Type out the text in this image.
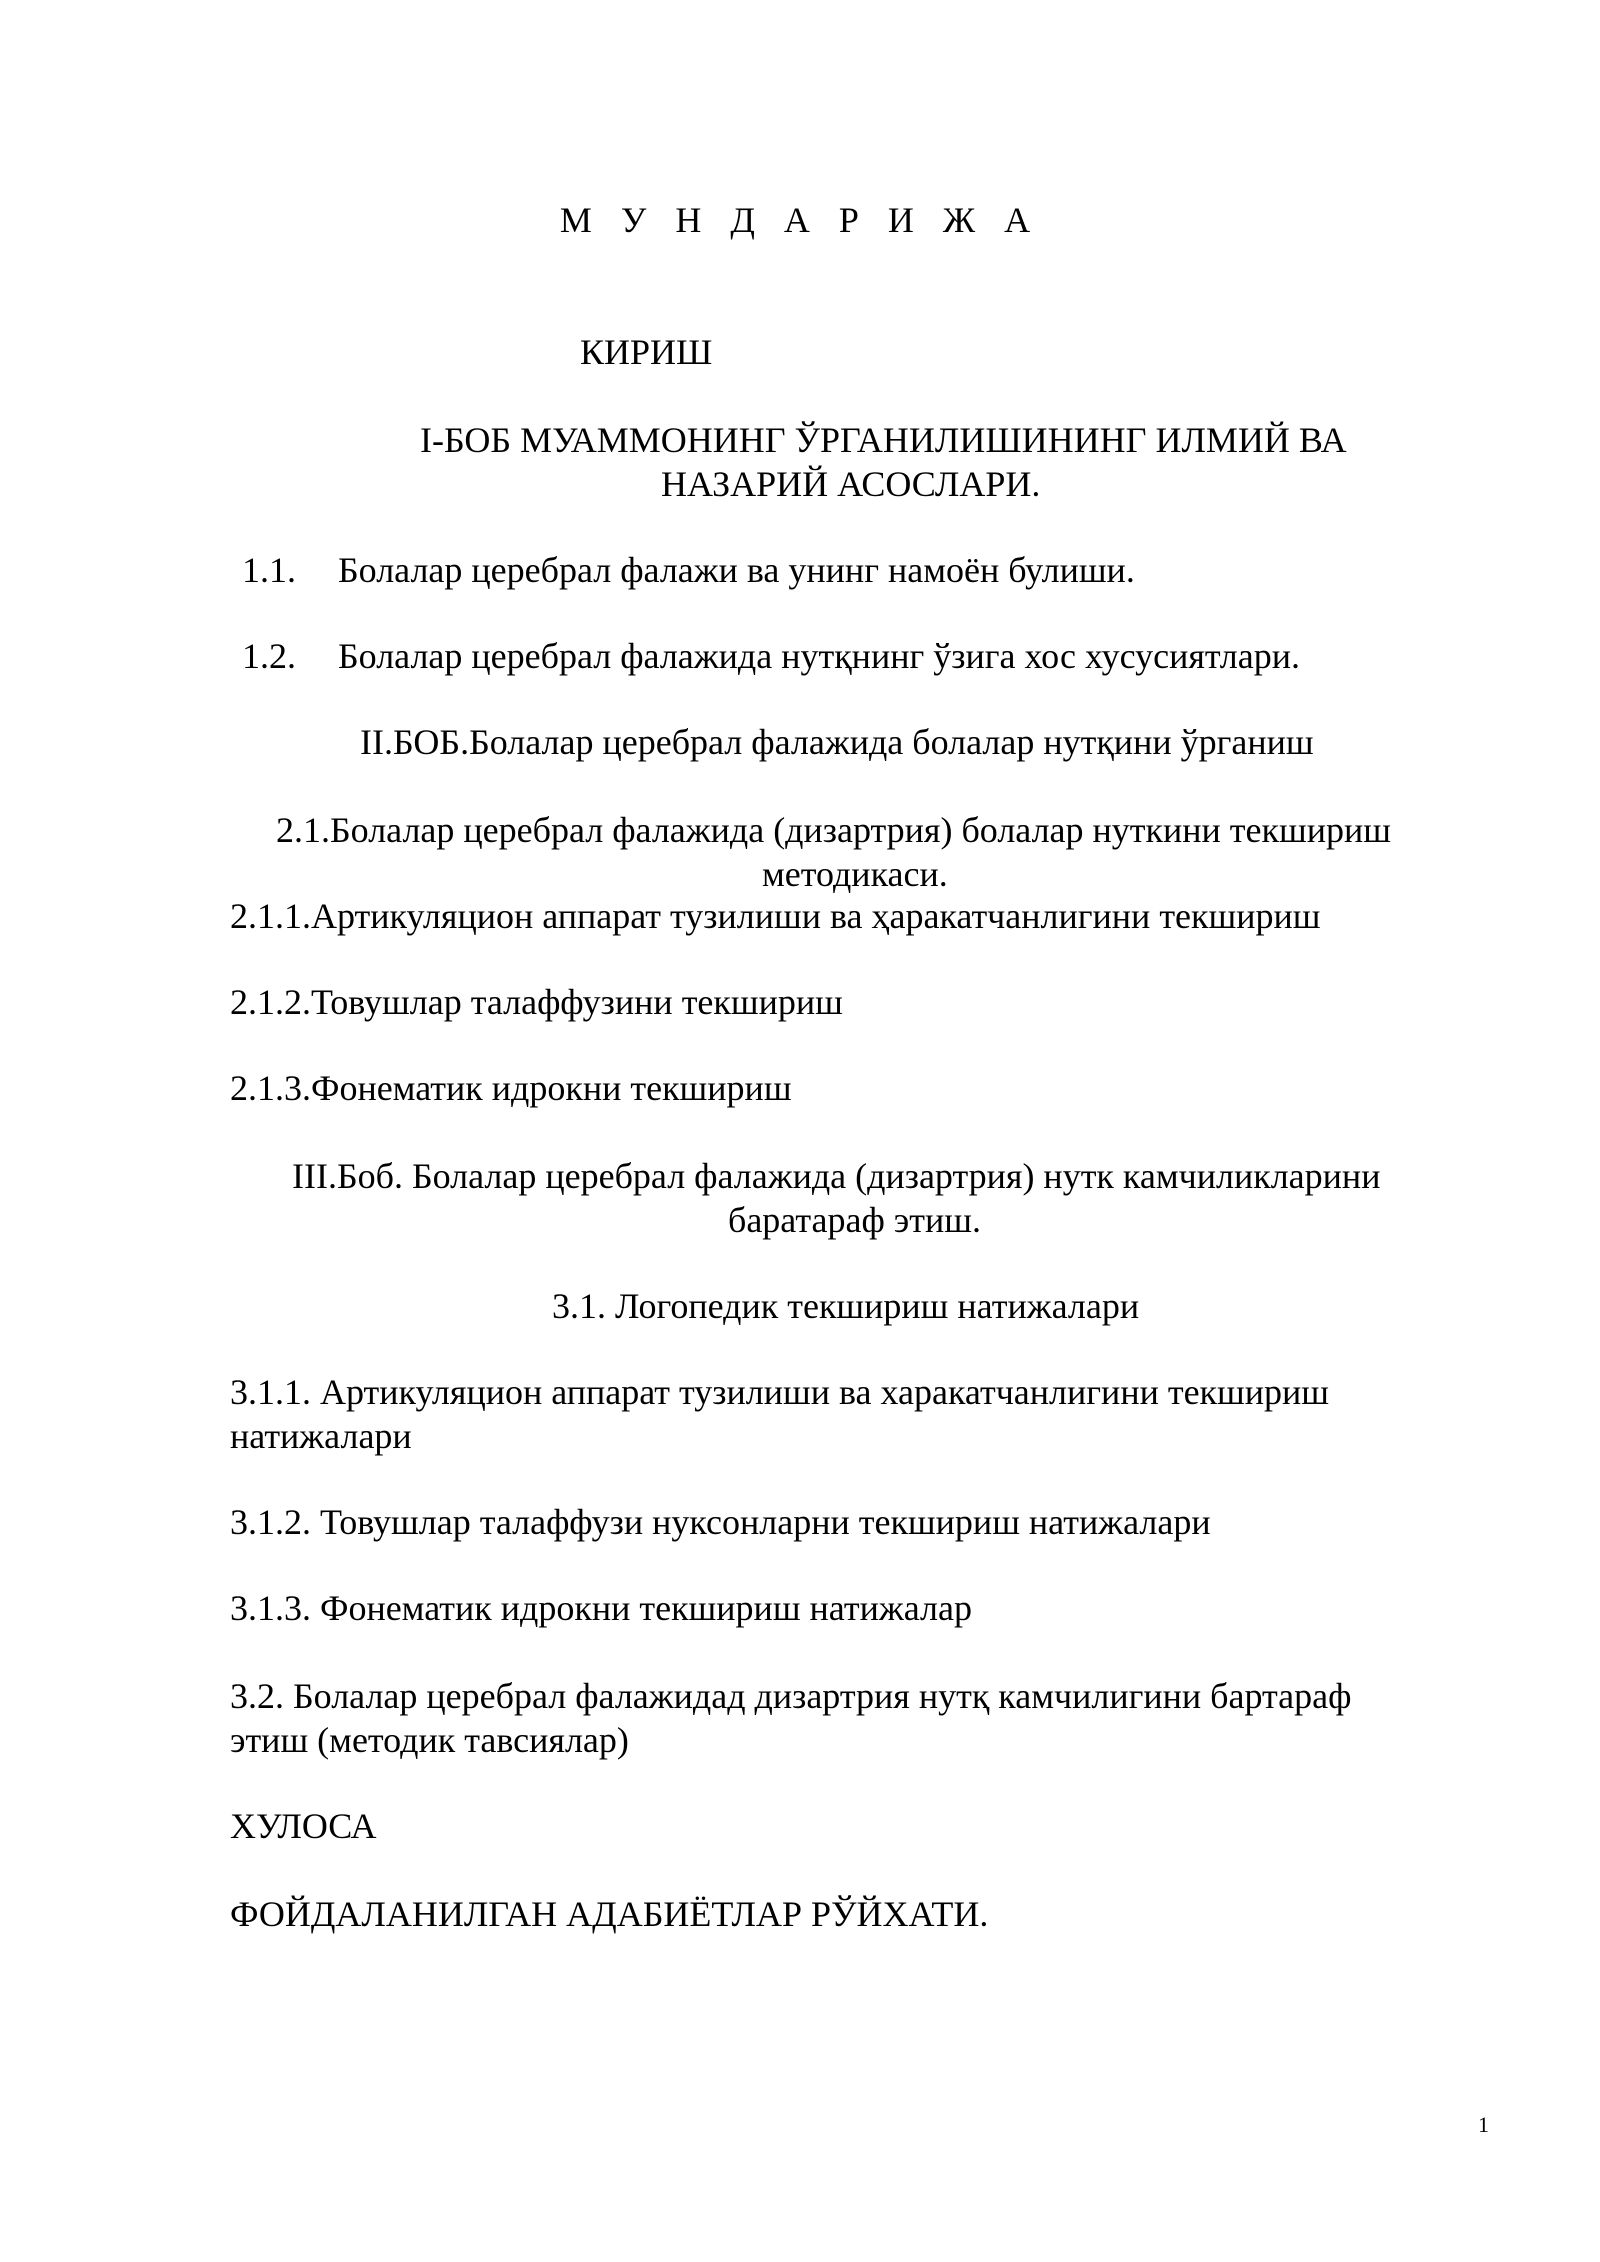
М У Н Д А Р И Ж А
КИРИШ
I-БОБ МУАММОНИНГ ЎРГАНИЛИШИНИНГ ИЛМИЙ ВА
НАЗАРИЙ АСОСЛАРИ.
1.1. Болалар церебрал фалажи ва унинг намоён булиши.
1.2. Болалар церебрал фалажида нутқнинг ўзига хос хусусиятлари.
II.БОБ.Болалар церебрал фалажида болалар нутқини ўрганиш
2.1.Болалар церебрал фалажида (дизартрия) болалар нуткини текшириш
методикаси.
2.1.1.Артикуляцион аппарат тузилиши ва ҳаракатчанлигини текшириш
2.1.2.Товушлар талаффузини текшириш
2.1.3.Фонематик идрокни текшириш
III.Боб. Болалар церебрал фалажида (дизартрия) нутк камчиликларини
баратараф этиш.
3.1. Логопедик текшириш натижалари
3.1.1. Артикуляцион аппарат тузилиши ва харакатчанлигини текшириш
натижалари
3.1.2. Товушлар талаффузи нуксонларни текшириш натижалари
3.1.3. Фонематик идрокни текшириш натижалар
3.2. Болалар церебрал фалажидад дизартрия нутқ камчилигини бартараф
этиш (методик тавсиялар)
ХУЛОСА
ФОЙДАЛАНИЛГАН АДАБИЁТЛАР РЎЙХАТИ.
1
